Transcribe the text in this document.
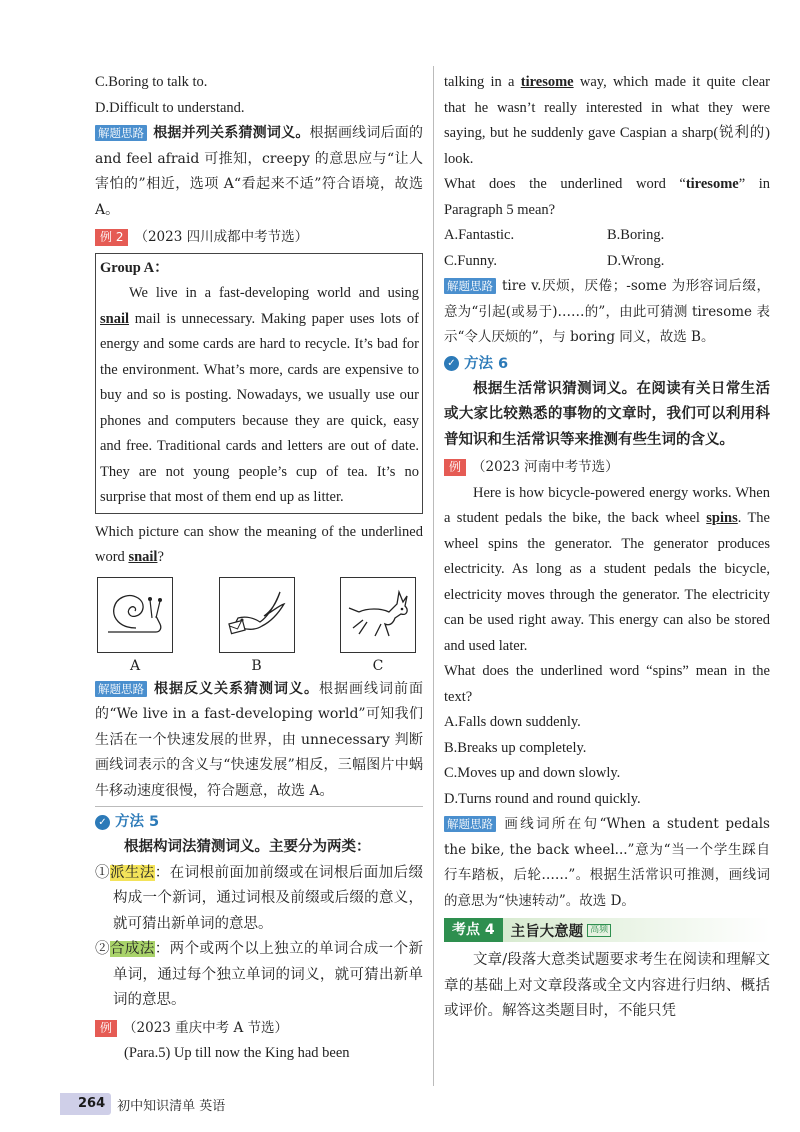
C.Boring to talk to.

D.Difficult to understand.

解题思路 根据并列关系猜测词义。根据画线词后面的 and feel afraid 可推知，creepy 的意思应与“让人害怕的”相近，选项 A“看起来不适”符合语境，故选 A。

例 2 （2023 四川成都中考节选）

Group A：

We live in a fast-developing world and using snail mail is unnecessary. Making paper uses lots of energy and some cards are hard to recycle. It’s bad for the environment. What’s more, cards are expensive to buy and so is posting. Nowadays, we usually use our phones and computers because they are quick, easy and free. Traditional cards and letters are out of date. They are not young people’s cup of tea. It’s no surprise that most of them end up as litter.

Which picture can show the meaning of the underlined word snail?

A	B	C

解题思路 根据反义关系猜测词义。根据画线词前面的“We live in a fast-developing world”可知我们生活在一个快速发展的世界，由 unnecessary 判断画线词表示的含义与“快速发展”相反，三幅图片中蜗牛移动速度很慢，符合题意，故选 A。

✓ 方法 5

根据构词法猜测词义。主要分为两类：

①派生法：在词根前面加前缀或在词根后面加后缀构成一个新词，通过词根及前缀或后缀的意义，就可猜出新单词的意思。

②合成法：两个或两个以上独立的单词合成一个新单词，通过每个独立单词的词义，就可猜出新单词的意思。

例 （2023 重庆中考 A 节选）

(Para.5) Up till now the King had been

talking in a tiresome way, which made it quite clear that he wasn’t really interested in what they were saying, but he suddenly gave Caspian a sharp(锐利的) look.

What does the underlined word “tiresome” in Paragraph 5 mean?

A.Fantastic.	B.Boring.

C.Funny.	D.Wrong.

解题思路 tire v.厌烦，厌倦；-some 为形容词后缀，意为“引起(或易于)……的”，由此可猜测 tiresome 表示“令人厌烦的”，与 boring 同义，故选 B。

✓ 方法 6

根据生活常识猜测词义。在阅读有关日常生活或大家比较熟悉的事物的文章时，我们可以利用科普知识和生活常识等来推测有些生词的含义。

例 （2023 河南中考节选）

Here is how bicycle-powered energy works. When a student pedals the bike, the back wheel spins. The wheel spins the generator. The generator produces electricity. As long as a student pedals the bicycle, electricity moves through the generator. The electricity can be used right away. This energy can also be stored and used later.

What does the underlined word “spins” mean in the text?

A.Falls down suddenly.

B.Breaks up completely.

C.Moves up and down slowly.

D.Turns round and round quickly.

解题思路 画线词所在句“When a student pedals the bike, the back wheel...”意为“当一个学生踩自行车踏板，后轮……”。根据生活常识可推测，画线词的意思为“快速转动”。故选 D。

考点 4	主旨大意题 高频

文章/段落大意类试题要求考生在阅读和理解文章的基础上对文章段落或全文内容进行归纳、概括或评价。解答这类题目时，不能只凭

264 初中知识清单 英语
